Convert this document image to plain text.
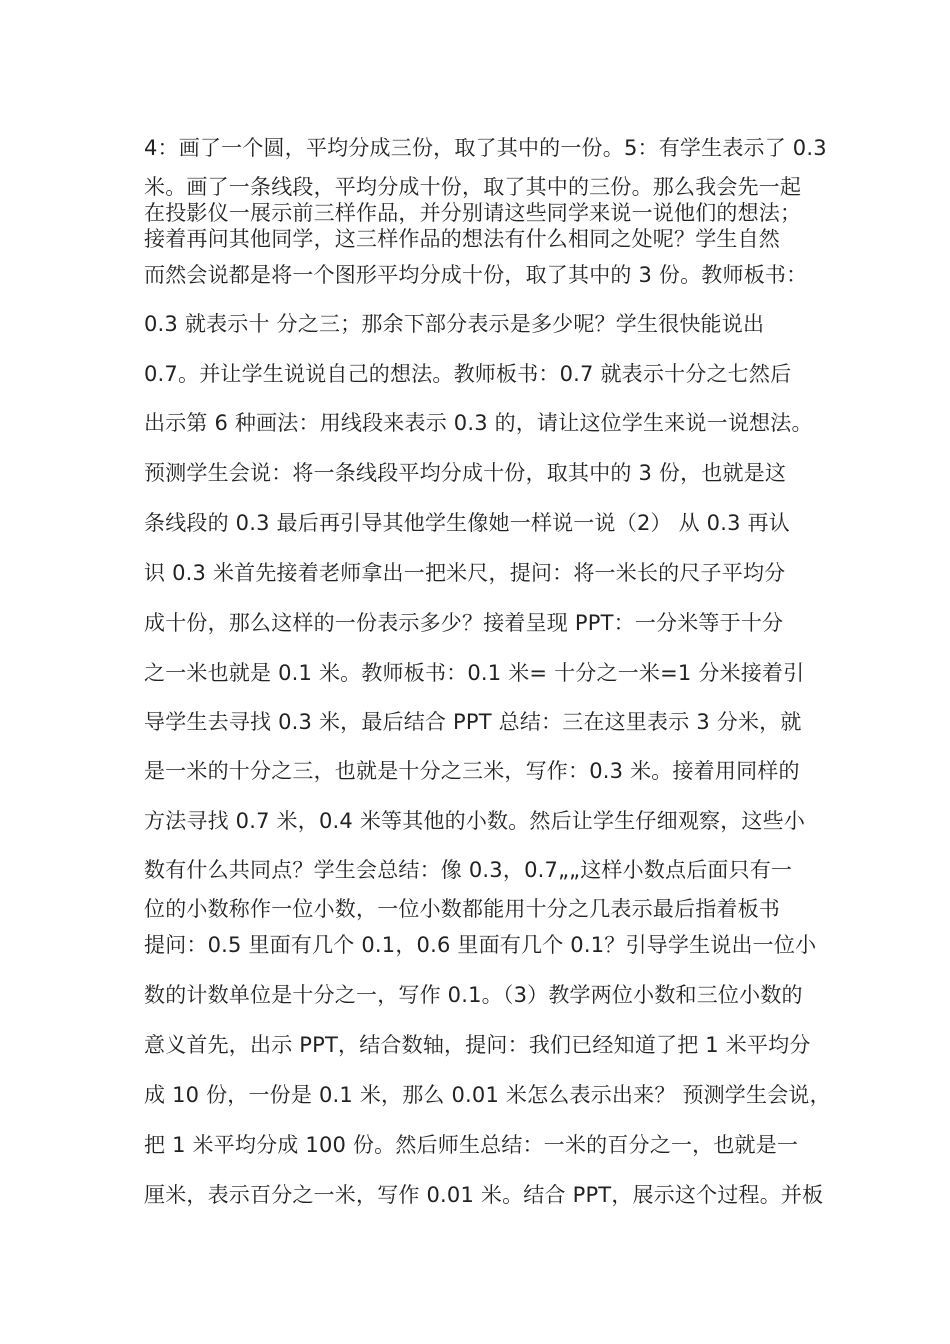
4：画了一个圆，平均分成三份，取了其中的一份。5：有学生表示了 0.3
米。画了一条线段，平均分成十份，取了其中的三份。那么我会先一起
在投影仪一展示前三样作品，并分别请这些同学来说一说他们的想法；
接着再问其他同学，这三样作品的想法有什么相同之处呢？学生自然
而然会说都是将一个图形平均分成十份，取了其中的 3 份。教师板书：
0.3 就表示十 分之三；那余下部分表示是多少呢？学生很快能说出
0.7。并让学生说说自己的想法。教师板书：0.7 就表示十分之七然后
出示第 6 种画法：用线段来表示 0.3 的，请让这位学生来说一说想法。
预测学生会说：将一条线段平均分成十份，取其中的 3 份，也就是这
条线段的 0.3 最后再引导其他学生像她一样说一说（2） 从 0.3 再认
识 0.3 米首先接着老师拿出一把米尺，提问：将一米长的尺子平均分
成十份，那么这样的一份表示多少？接着呈现 PPT：一分米等于十分
之一米也就是 0.1 米。教师板书：0.1 米= 十分之一米=1 分米接着引
导学生去寻找 0.3 米，最后结合 PPT 总结：三在这里表示 3 分米，就
是一米的十分之三，也就是十分之三米，写作：0.3 米。接着用同样的
方法寻找 0.7 米，0.4 米等其他的小数。然后让学生仔细观察，这些小
数有什么共同点？学生会总结：像 0.3，0.7„„这样小数点后面只有一
位的小数称作一位小数，一位小数都能用十分之几表示最后指着板书
提问：0.5 里面有几个 0.1，0.6 里面有几个 0.1？引导学生说出一位小
数的计数单位是十分之一，写作 0.1。（3）教学两位小数和三位小数的
意义首先，出示 PPT，结合数轴，提问：我们已经知道了把 1 米平均分
成 10 份，一份是 0.1 米，那么 0.01 米怎么表示出来？ 预测学生会说，
把 1 米平均分成 100 份。然后师生总结：一米的百分之一，也就是一
厘米，表示百分之一米，写作 0.01 米。结合 PPT，展示这个过程。并板
